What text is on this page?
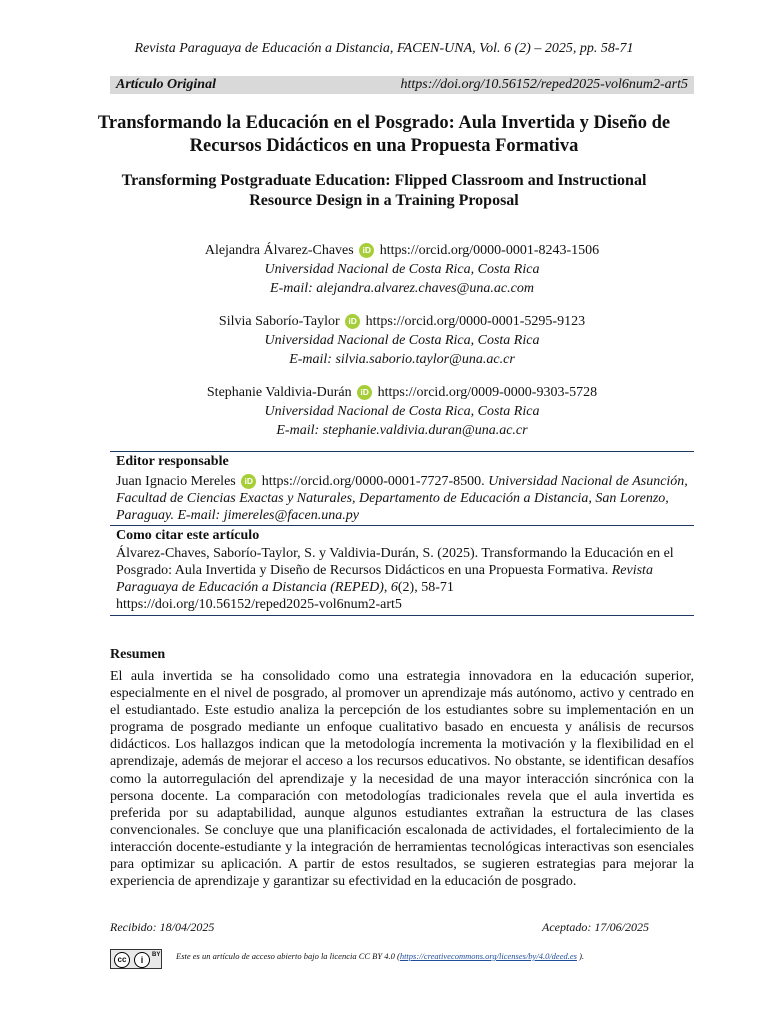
Revista Paraguaya de Educación a Distancia, FACEN-UNA, Vol. 6 (2) – 2025, pp. 58-71
Artículo Original	https://doi.org/10.56152/reped2025-vol6num2-art5
Transformando la Educación en el Posgrado: Aula Invertida y Diseño de Recursos Didácticos en una Propuesta Formativa
Transforming Postgraduate Education: Flipped Classroom and Instructional Resource Design in a Training Proposal
Alejandra Álvarez-Chaves iD https://orcid.org/0000-0001-8243-1506
Universidad Nacional de Costa Rica, Costa Rica
E-mail: alejandra.alvarez.chaves@una.ac.com
Silvia Saborío-Taylor iD https://orcid.org/0000-0001-5295-9123
Universidad Nacional de Costa Rica, Costa Rica
E-mail: silvia.saborio.taylor@una.ac.cr
Stephanie Valdivia-Durán iD https://orcid.org/0009-0000-9303-5728
Universidad Nacional de Costa Rica, Costa Rica
E-mail: stephanie.valdivia.duran@una.ac.cr
Editor responsable
Juan Ignacio Mereles iD https://orcid.org/0000-0001-7727-8500. Universidad Nacional de Asunción, Facultad de Ciencias Exactas y Naturales, Departamento de Educación a Distancia, San Lorenzo, Paraguay. E-mail: jimereles@facen.una.py
Como citar este artículo
Álvarez-Chaves, Saborío-Taylor, S. y Valdivia-Durán, S. (2025). Transformando la Educación en el Posgrado: Aula Invertida y Diseño de Recursos Didácticos en una Propuesta Formativa. Revista Paraguaya de Educación a Distancia (REPED), 6(2), 58-71
https://doi.org/10.56152/reped2025-vol6num2-art5
Resumen
El aula invertida se ha consolidado como una estrategia innovadora en la educación superior, especialmente en el nivel de posgrado, al promover un aprendizaje más autónomo, activo y centrado en el estudiantado. Este estudio analiza la percepción de los estudiantes sobre su implementación en un programa de posgrado mediante un enfoque cualitativo basado en encuesta y análisis de recursos didácticos. Los hallazgos indican que la metodología incrementa la motivación y la flexibilidad en el aprendizaje, además de mejorar el acceso a los recursos educativos. No obstante, se identifican desafíos como la autorregulación del aprendizaje y la necesidad de una mayor interacción sincrónica con la persona docente. La comparación con metodologías tradicionales revela que el aula invertida es preferida por su adaptabilidad, aunque algunos estudiantes extrañan la estructura de las clases convencionales. Se concluye que una planificación escalonada de actividades, el fortalecimiento de la interacción docente-estudiante y la integración de herramientas tecnológicas interactivas son esenciales para optimizar su aplicación. A partir de estos resultados, se sugieren estrategias para mejorar la experiencia de aprendizaje y garantizar su efectividad en la educación de posgrado.
Recibido: 18/04/2025	Aceptado: 17/06/2025
cc	i	BY Este es un artículo de acceso abierto bajo la licencia CC BY 4.0 (https://creativecommons.org/licenses/by/4.0/deed.es ).
